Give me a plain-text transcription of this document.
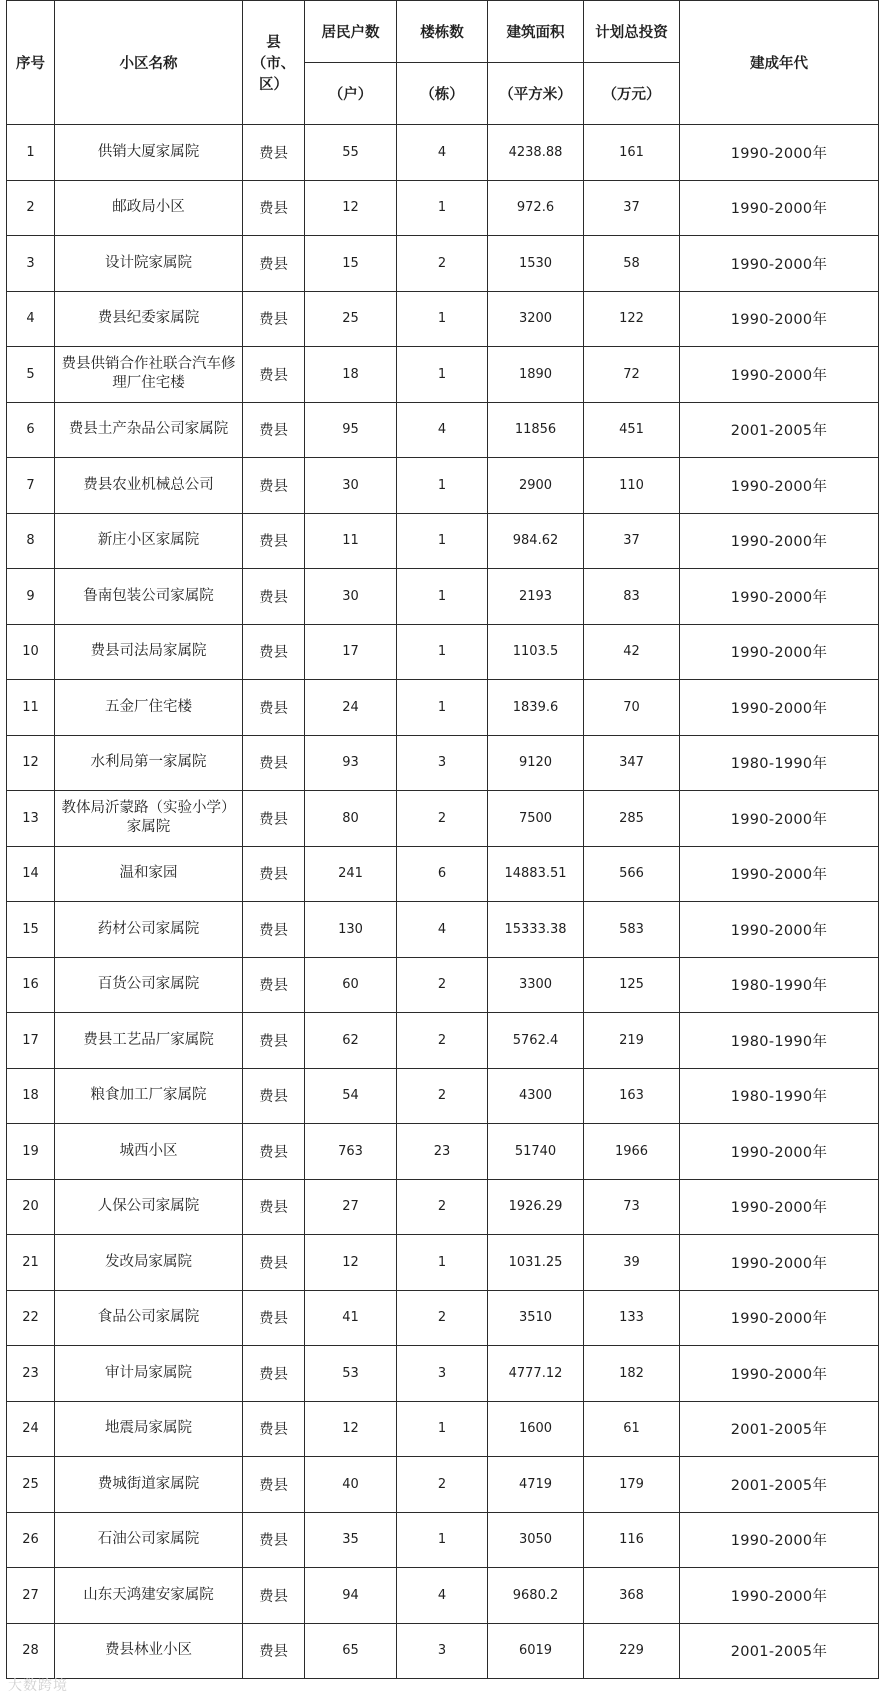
序号	小区名称	县（市、区）	居民户数	楼栋数	建筑面积	计划总投资	建成年代
			（户）	（栋）	（平方米）	（万元）	
1	供销大厦家属院	费县	55	4	4238.88	161	1990-2000年
2	邮政局小区	费县	12	1	972.6	37	1990-2000年
3	设计院家属院	费县	15	2	1530	58	1990-2000年
4	费县纪委家属院	费县	25	1	3200	122	1990-2000年
5	费县供销合作社联合汽车修理厂住宅楼	费县	18	1	1890	72	1990-2000年
6	费县土产杂品公司家属院	费县	95	4	11856	451	2001-2005年
7	费县农业机械总公司	费县	30	1	2900	110	1990-2000年
8	新庄小区家属院	费县	11	1	984.62	37	1990-2000年
9	鲁南包装公司家属院	费县	30	1	2193	83	1990-2000年
10	费县司法局家属院	费县	17	1	1103.5	42	1990-2000年
11	五金厂住宅楼	费县	24	1	1839.6	70	1990-2000年
12	水利局第一家属院	费县	93	3	9120	347	1980-1990年
13	教体局沂蒙路（实验小学）家属院	费县	80	2	7500	285	1990-2000年
14	温和家园	费县	241	6	14883.51	566	1990-2000年
15	药材公司家属院	费县	130	4	15333.38	583	1990-2000年
16	百货公司家属院	费县	60	2	3300	125	1980-1990年
17	费县工艺品厂家属院	费县	62	2	5762.4	219	1980-1990年
18	粮食加工厂家属院	费县	54	2	4300	163	1980-1990年
19	城西小区	费县	763	23	51740	1966	1990-2000年
20	人保公司家属院	费县	27	2	1926.29	73	1990-2000年
21	发改局家属院	费县	12	1	1031.25	39	1990-2000年
22	食品公司家属院	费县	41	2	3510	133	1990-2000年
23	审计局家属院	费县	53	3	4777.12	182	1990-2000年
24	地震局家属院	费县	12	1	1600	61	2001-2005年
25	费城街道家属院	费县	40	2	4719	179	2001-2005年
26	石油公司家属院	费县	35	1	3050	116	1990-2000年
27	山东天鸿建安家属院	费县	94	4	9680.2	368	1990-2000年
28	费县林业小区	费县	65	3	6019	229	2001-2005年
大数跨境
